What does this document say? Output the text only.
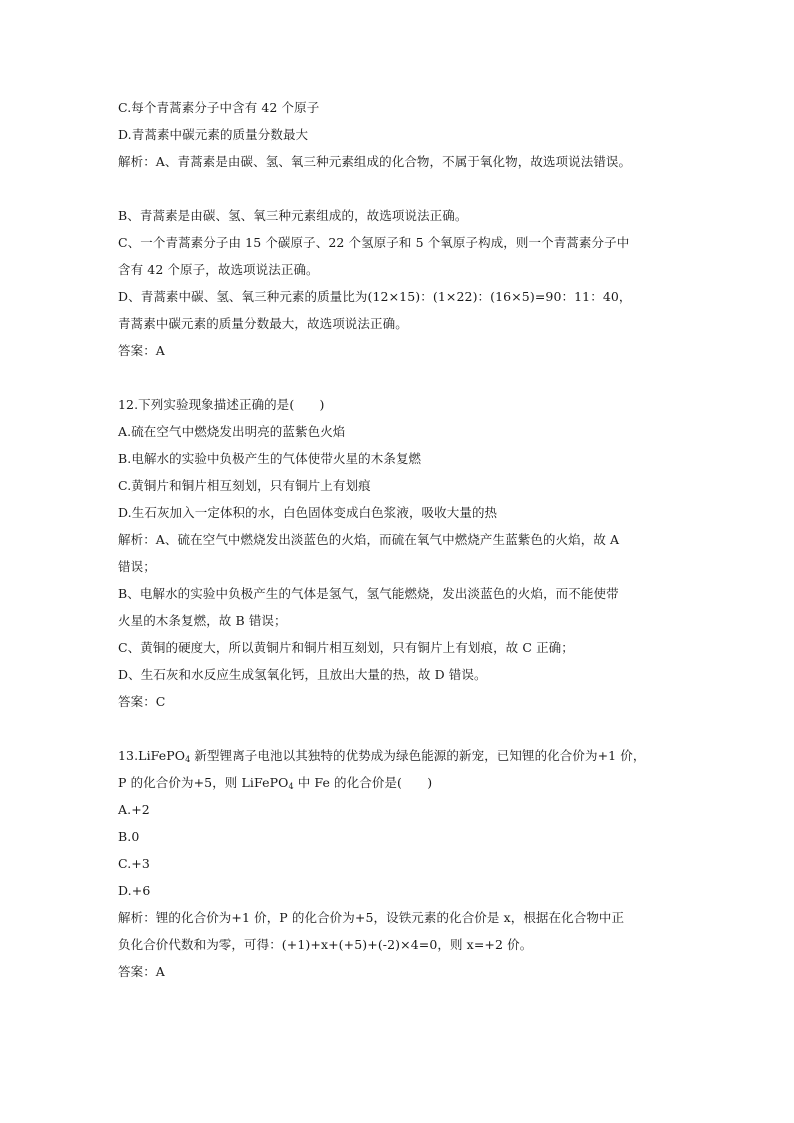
C.每个青蒿素分子中含有 42 个原子
D.青蒿素中碳元素的质量分数最大
解析：A、青蒿素是由碳、氢、氧三种元素组成的化合物，不属于氧化物，故选项说法错误。
B、青蒿素是由碳、氢、氧三种元素组成的，故选项说法正确。
C、一个青蒿素分子由 15 个碳原子、22 个氢原子和 5 个氧原子构成，则一个青蒿素分子中
含有 42 个原子，故选项说法正确。
D、青蒿素中碳、氢、氧三种元素的质量比为(12×15)：(1×22)：(16×5)=90：11：40，
青蒿素中碳元素的质量分数最大，故选项说法正确。
答案：A
12.下列实验现象描述正确的是(　　)
A.硫在空气中燃烧发出明亮的蓝紫色火焰
B.电解水的实验中负极产生的气体使带火星的木条复燃
C.黄铜片和铜片相互刻划，只有铜片上有划痕
D.生石灰加入一定体积的水，白色固体变成白色浆液，吸收大量的热
解析：A、硫在空气中燃烧发出淡蓝色的火焰，而硫在氧气中燃烧产生蓝紫色的火焰，故 A
错误；
B、电解水的实验中负极产生的气体是氢气，氢气能燃烧，发出淡蓝色的火焰，而不能使带
火星的木条复燃，故 B 错误；
C、黄铜的硬度大，所以黄铜片和铜片相互刻划，只有铜片上有划痕，故 C 正确；
D、生石灰和水反应生成氢氧化钙，且放出大量的热，故 D 错误。
答案：C
13.LiFePO$_4$ 新型锂离子电池以其独特的优势成为绿色能源的新宠，已知锂的化合价为+1 价，
P 的化合价为+5，则 LiFePO$_4$ 中 Fe 的化合价是(　　)
A.+2
B.0
C.+3
D.+6
解析：锂的化合价为+1 价，P 的化合价为+5，设铁元素的化合价是 x，根据在化合物中正
负化合价代数和为零，可得：(+1)+x+(+5)+(-2)×4=0，则 x=+2 价。
答案：A
